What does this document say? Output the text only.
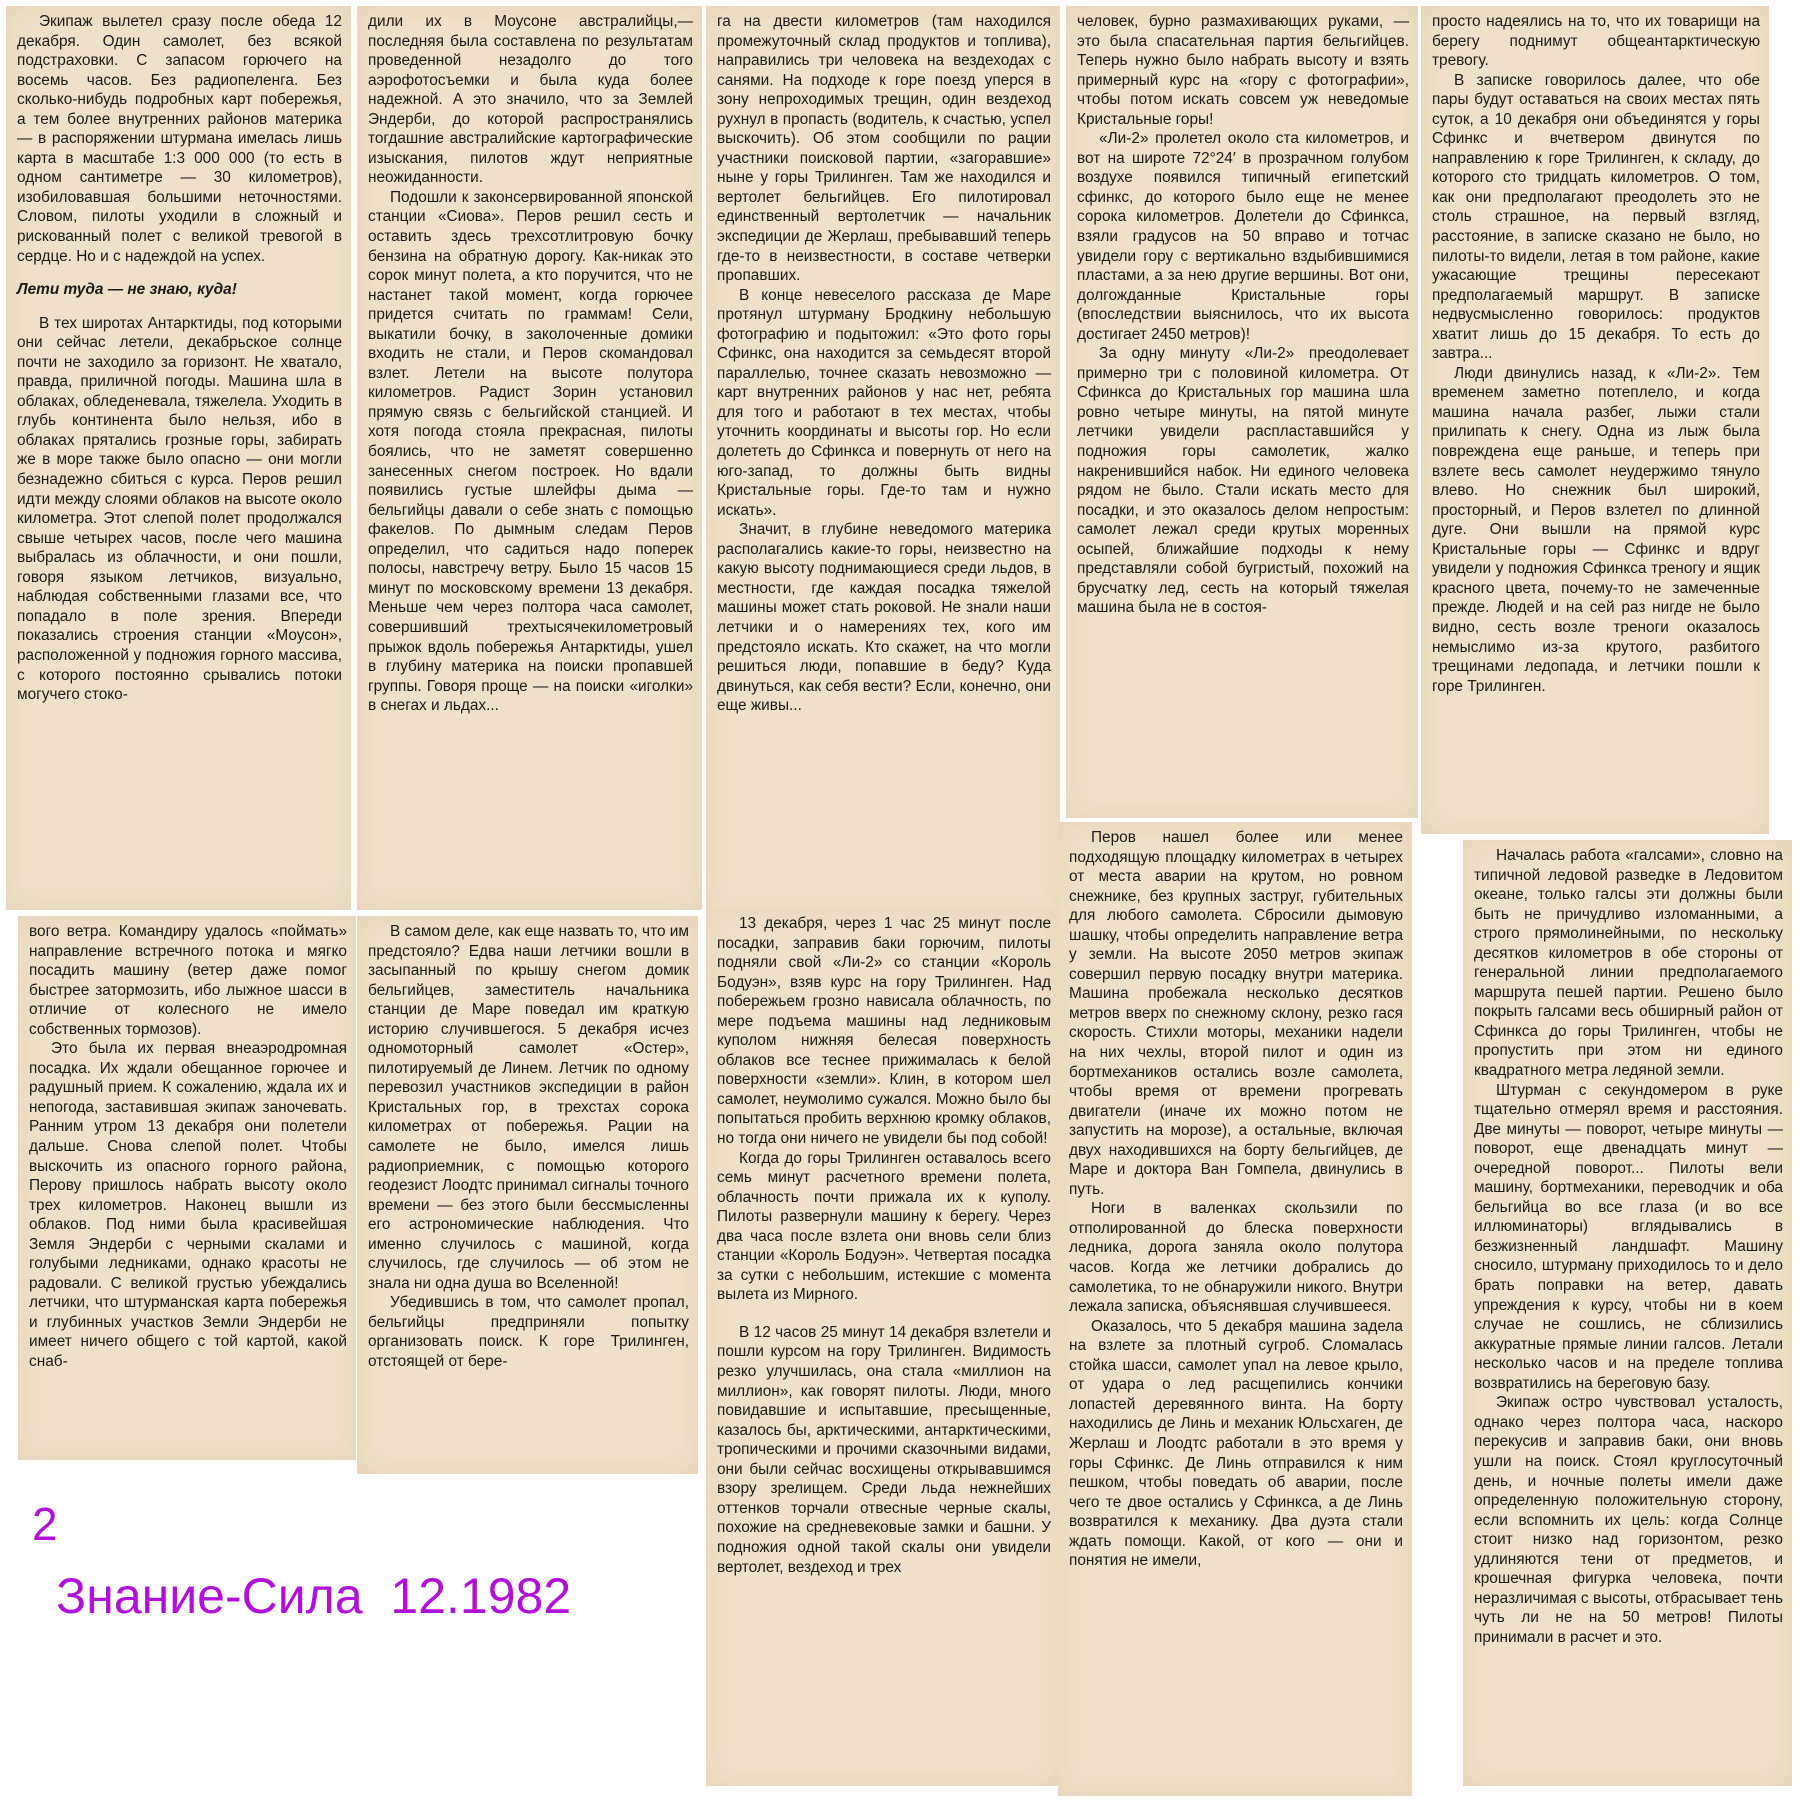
Экипаж вылетел сразу после обеда 12 декабря. Один самолет, без всякой подстраховки. С запасом горючего на восемь часов. Без радиопеленга. Без сколько-нибудь подробных карт побережья, а тем более внутренних районов материка — в распоряжении штурмана имелась лишь карта в масштабе 1:3 000 000 (то есть в одном сантиметре — 30 километров), изобиловавшая большими неточностями. Словом, пилоты уходили в сложный и рискованный полет с великой тревогой в сердце. Но и с надеждой на успех.

Лети туда — не знаю, куда!

В тех широтах Антарктиды, под которыми они сейчас летели, декабрьское солнце почти не заходило за горизонт. Не хватало, правда, приличной погоды. Машина шла в облаках, обледеневала, тяжелела. Уходить в глубь континента было нельзя, ибо в облаках прятались грозные горы, забирать же в море также было опасно — они могли безнадежно сбиться с курса. Перов решил идти между слоями облаков на высоте около километра. Этот слепой полет продолжался свыше четырех часов, после чего машина выбралась из облачности, и они пошли, говоря языком летчиков, визуально, наблюдая собственными глазами все, что попадало в поле зрения. Впереди показались строения станции «Моусон», расположенной у подножия горного массива, с которого постоянно срывались потоки могучего стоко-

дили их в Моусоне австралийцы,— последняя была составлена по результатам проведенной незадолго до того аэрофотосъемки и была куда более надежной. А это значило, что за Землей Эндерби, до которой распространялись тогдашние австралийские картографические изыскания, пилотов ждут неприятные неожиданности.

Подошли к законсервированной японской станции «Сиова». Перов решил сесть и оставить здесь трехсотлитровую бочку бензина на обратную дорогу. Как-никак это сорок минут полета, а кто поручится, что не настанет такой момент, когда горючее придется считать по граммам! Сели, выкатили бочку, в заколоченные домики входить не стали, и Перов скомандовал взлет. Летели на высоте полутора километров. Радист Зорин установил прямую связь с бельгийской станцией. И хотя погода стояла прекрасная, пилоты боялись, что не заметят совершенно занесенных снегом построек. Но вдали появились густые шлейфы дыма — бельгийцы давали о себе знать с помощью факелов. По дымным следам Перов определил, что садиться надо поперек полосы, навстречу ветру. Было 15 часов 15 минут по московскому времени 13 декабря. Меньше чем через полтора часа самолет, совершивший трехтысячекилометровый прыжок вдоль побережья Антарктиды, ушел в глубину материка на поиски пропавшей группы. Говоря проще — на поиски «иголки» в снегах и льдах...

га на двести километров (там находился промежуточный склад продуктов и топлива), направились три человека на вездеходах с санями. На подходе к горе поезд уперся в зону непроходимых трещин, один вездеход рухнул в пропасть (водитель, к счастью, успел выскочить). Об этом сообщили по рации участники поисковой партии, «загоравшие» ныне у горы Трилинген. Там же находился и вертолет бельгийцев. Его пилотировал единственный вертолетчик — начальник экспедиции де Жерлаш, пребывавший теперь где-то в неизвестности, в составе четверки пропавших.

В конце невеселого рассказа де Маре протянул штурману Бродкину небольшую фотографию и подытожил: «Это фото горы Сфинкс, она находится за семьдесят второй параллелью, точнее сказать невозможно — карт внутренних районов у нас нет, ребята для того и работают в тех местах, чтобы уточнить координаты и высоты гор. Но если долететь до Сфинкса и повернуть от него на юго-запад, то должны быть видны Кристальные горы. Где-то там и нужно искать».

Значит, в глубине неведомого материка располагались какие-то горы, неизвестно на какую высоту поднимающиеся среди льдов, в местности, где каждая посадка тяжелой машины может стать роковой. Не знали наши летчики и о намерениях тех, кого им предстояло искать. Кто скажет, на что могли решиться люди, попавшие в беду? Куда двинуться, как себя вести? Если, конечно, они еще живы...

человек, бурно размахивающих руками, — это была спасательная партия бельгийцев. Теперь нужно было набрать высоту и взять примерный курс на «гору с фотографии», чтобы потом искать совсем уж неведомые Кристальные горы!

«Ли-2» пролетел около ста километров, и вот на широте 72°24′ в прозрачном голубом воздухе появился типичный египетский сфинкс, до которого было еще не менее сорока километров. Долетели до Сфинкса, взяли градусов на 50 вправо и тотчас увидели гору с вертикально вздыбившимися пластами, а за нею другие вершины. Вот они, долгожданные Кристальные горы (впоследствии выяснилось, что их высота достигает 2450 метров)!

За одну минуту «Ли-2» преодолевает примерно три с половиной километра. От Сфинкса до Кристальных гор машина шла ровно четыре минуты, на пятой минуте летчики увидели распластавшийся у подножия горы самолетик, жалко накренившийся набок. Ни единого человека рядом не было. Стали искать место для посадки, и это оказалось делом непростым: самолет лежал среди крутых моренных осыпей, ближайшие подходы к нему представляли собой бугристый, похожий на брусчатку лед, сесть на который тяжелая машина была не в состоя-

просто надеялись на то, что их товарищи на берегу поднимут общеантарктическую тревогу.

В записке говорилось далее, что обе пары будут оставаться на своих местах пять суток, а 10 декабря они объединятся у горы Сфинкс и вчетвером двинутся по направлению к горе Трилинген, к складу, до которого сто тридцать километров. О том, как они предполагают преодолеть это не столь страшное, на первый взгляд, расстояние, в записке сказано не было, но пилоты-то видели, летая в том районе, какие ужасающие трещины пересекают предполагаемый маршрут. В записке недвусмысленно говорилось: продуктов хватит лишь до 15 декабря. То есть до завтра...

Люди двинулись назад, к «Ли-2». Тем временем заметно потеплело, и когда машина начала разбег, лыжи стали прилипать к снегу. Одна из лыж была повреждена еще раньше, и теперь при взлете весь самолет неудержимо тянуло влево. Но снежник был широкий, просторный, и Перов взлетел по длинной дуге. Они вышли на прямой курс Кристальные горы — Сфинкс и вдруг увидели у подножия Сфинкса треногу и ящик красного цвета, почему-то не замеченные прежде. Людей и на сей раз нигде не было видно, сесть возле треноги оказалось немыслимо из-за крутого, разбитого трещинами ледопада, и летчики пошли к горе Трилинген.

вого ветра. Командиру удалось «поймать» направление встречного потока и мягко посадить машину (ветер даже помог быстрее затормозить, ибо лыжное шасси в отличие от колесного не имело собственных тормозов).

Это была их первая внеаэродромная посадка. Их ждали обещанное горючее и радушный прием. К сожалению, ждала их и непогода, заставившая экипаж заночевать. Ранним утром 13 декабря они полетели дальше. Снова слепой полет. Чтобы выскочить из опасного горного района, Перову пришлось набрать высоту около трех километров. Наконец вышли из облаков. Под ними была красивейшая Земля Эндерби с черными скалами и голубыми ледниками, однако красоты не радовали. С великой грустью убеждались летчики, что штурманская карта побережья и глубинных участков Земли Эндерби не имеет ничего общего с той картой, какой снаб-

В самом деле, как еще назвать то, что им предстояло? Едва наши летчики вошли в засыпанный по крышу снегом домик бельгийцев, заместитель начальника станции де Маре поведал им краткую историю случившегося. 5 декабря исчез одномоторный самолет «Остер», пилотируемый де Линем. Летчик по одному перевозил участников экспедиции в район Кристальных гор, в трехстах сорока километрах от побережья. Рации на самолете не было, имелся лишь радиоприемник, с помощью которого геодезист Лоодтс принимал сигналы точного времени — без этого были бессмысленны его астрономические наблюдения. Что именно случилось с машиной, когда случилось, где случилось — об этом не знала ни одна душа во Вселенной!

Убедившись в том, что самолет пропал, бельгийцы предприняли попытку организовать поиск. К горе Трилинген, отстоящей от бере-

13 декабря, через 1 час 25 минут после посадки, заправив баки горючим, пилоты подняли свой «Ли-2» со станции «Король Бодуэн», взяв курс на гору Трилинген. Над побережьем грозно нависала облачность, по мере подъема машины над ледниковым куполом нижняя белесая поверхность облаков все теснее прижималась к белой поверхности «земли». Клин, в котором шел самолет, неумолимо сужался. Можно было бы попытаться пробить верхнюю кромку облаков, но тогда они ничего не увидели бы под собой!

Когда до горы Трилинген оставалось всего семь минут расчетного времени полета, облачность почти прижала их к куполу. Пилоты развернули машину к берегу. Через два часа после взлета они вновь сели близ станции «Король Бодуэн». Четвертая посадка за сутки с небольшим, истекшие с момента вылета из Мирного.

В 12 часов 25 минут 14 декабря взлетели и пошли курсом на гору Трилинген. Видимость резко улучшилась, она стала «миллион на миллион», как говорят пилоты. Люди, много повидавшие и испытавшие, пресыщенные, казалось бы, арктическими, антарктическими, тропическими и прочими сказочными видами, они были сейчас восхищены открывавшимся взору зрелищем. Среди льда нежнейших оттенков торчали отвесные черные скалы, похожие на средневековые замки и башни. У подножия одной такой скалы они увидели вертолет, вездеход и трех

Перов нашел более или менее подходящую площадку километрах в четырех от места аварии на крутом, но ровном снежнике, без крупных заструг, губительных для любого самолета. Сбросили дымовую шашку, чтобы определить направление ветра у земли. На высоте 2050 метров экипаж совершил первую посадку внутри материка. Машина пробежала несколько десятков метров вверх по снежному склону, резко гася скорость. Стихли моторы, механики надели на них чехлы, второй пилот и один из бортмехаников остались возле самолета, чтобы время от времени прогревать двигатели (иначе их можно потом не запустить на морозе), а остальные, включая двух находившихся на борту бельгийцев, де Маре и доктора Ван Гомпела, двинулись в путь.

Ноги в валенках скользили по отполированной до блеска поверхности ледника, дорога заняла около полутора часов. Когда же летчики добрались до самолетика, то не обнаружили никого. Внутри лежала записка, объяснявшая случившееся.

Оказалось, что 5 декабря машина задела на взлете за плотный сугроб. Сломалась стойка шасси, самолет упал на левое крыло, от удара о лед расщепились кончики лопастей деревянного винта. На борту находились де Линь и механик Юльсхаген, де Жерлаш и Лоодтс работали в это время у горы Сфинкс. Де Линь отправился к ним пешком, чтобы поведать об аварии, после чего те двое остались у Сфинкса, а де Линь возвратился к механику. Два дуэта стали ждать помощи. Какой, от кого — они и понятия не имели,

Началась работа «галсами», словно на типичной ледовой разведке в Ледовитом океане, только галсы эти должны были быть не причудливо изломанными, а строго прямолинейными, по нескольку десятков километров в обе стороны от генеральной линии предполагаемого маршрута пешей партии. Решено было покрыть галсами весь обширный район от Сфинкса до горы Трилинген, чтобы не пропустить при этом ни единого квадратного метра ледяной земли.

Штурман с секундомером в руке тщательно отмерял время и расстояния. Две минуты — поворот, четыре минуты — поворот, еще двенадцать минут — очередной поворот... Пилоты вели машину, бортмеханики, переводчик и оба бельгийца во все глаза (и во все иллюминаторы) вглядывались в безжизненный ландшафт. Машину сносило, штурману приходилось то и дело брать поправки на ветер, давать упреждения к курсу, чтобы ни в коем случае не сошлись, не сблизились аккуратные прямые линии галсов. Летали несколько часов и на пределе топлива возвратились на береговую базу.

Экипаж остро чувствовал усталость, однако через полтора часа, наскоро перекусив и заправив баки, они вновь ушли на поиск. Стоял круглосуточный день, и ночные полеты имели даже определенную положительную сторону, если вспомнить их цель: когда Солнце стоит низко над горизонтом, резко удлиняются тени от предметов, и крошечная фигурка человека, почти неразличимая с высоты, отбрасывает тень чуть ли не на 50 метров! Пилоты принимали в расчет и это.

2
Знание-Сила  12.1982
